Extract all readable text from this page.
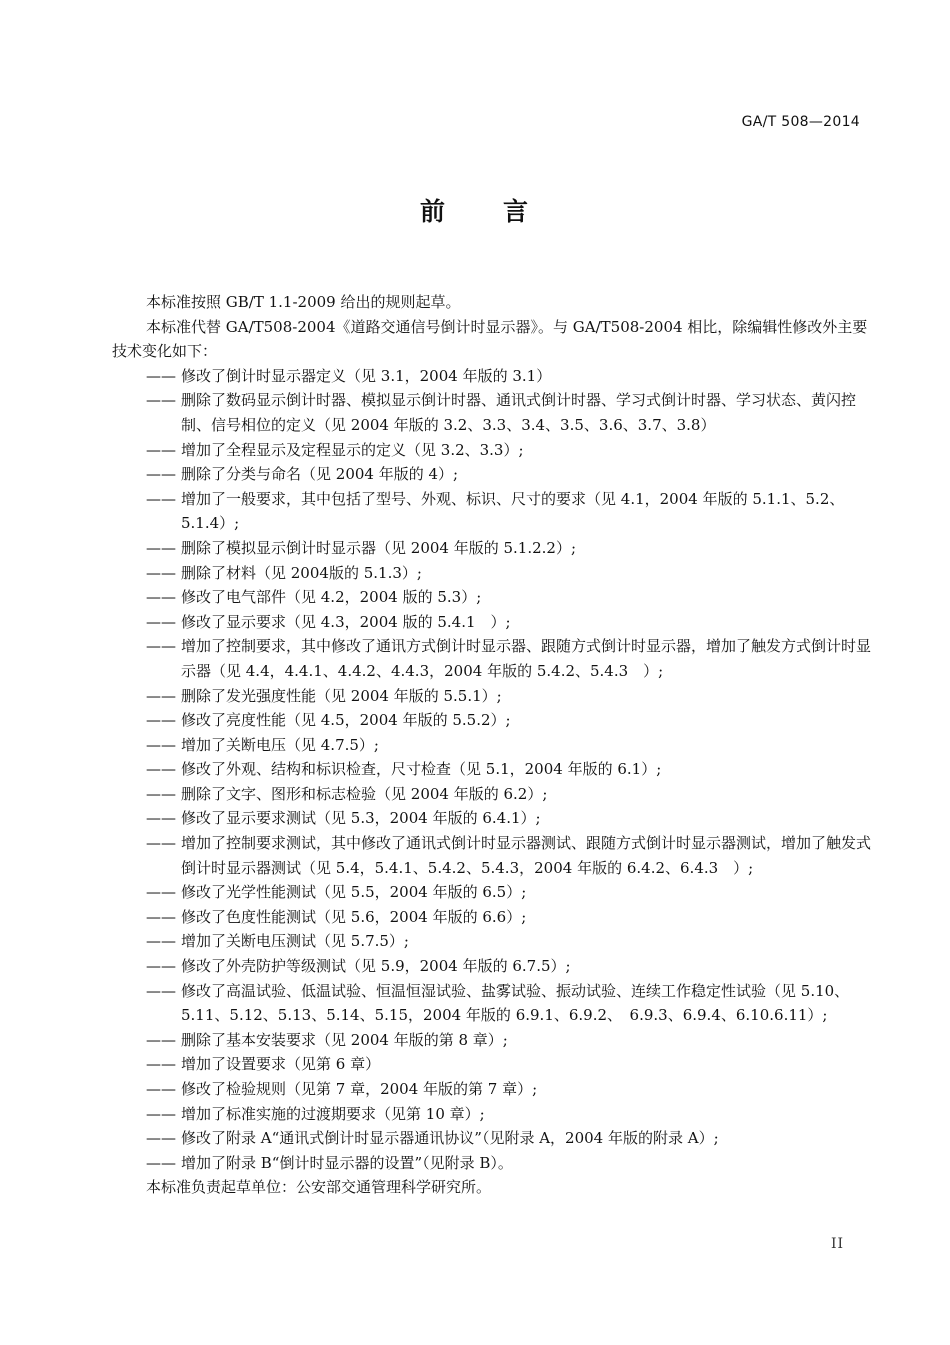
GA/T 508—2014
前 言
本标准按照 GB/T 1.1-2009 给出的规则起草。
本标准代替 GA/T508-2004《道路交通信号倒计时显示器》。与 GA/T508-2004 相比，除编辑性修改外主要技术变化如下：
—— 修改了倒计时显示器定义（见 3.1，2004 年版的 3.1）
—— 删除了数码显示倒计时器、模拟显示倒计时器、通讯式倒计时器、学习式倒计时器、学习状态、黄闪控制、信号相位的定义（见 2004 年版的 3.2、3.3、3.4、3.5、3.6、3.7、3.8）
—— 增加了全程显示及定程显示的定义（见 3.2、3.3）;
—— 删除了分类与命名（见 2004 年版的 4）;
—— 增加了一般要求，其中包括了型号、外观、标识、尺寸的要求（见 4.1，2004 年版的 5.1.1、5.2、5.1.4）;
—— 删除了模拟显示倒计时显示器（见 2004 年版的 5.1.2.2）;
—— 删除了材料（见 2004版的 5.1.3）;
—— 修改了电气部件（见 4.2，2004 版的 5.3）;
—— 修改了显示要求（见 4.3，2004 版的 5.4.1　）;
—— 增加了控制要求，其中修改了通讯方式倒计时显示器、跟随方式倒计时显示器，增加了触发方式倒计时显示器（见 4.4，4.4.1、4.4.2、4.4.3，2004 年版的 5.4.2、5.4.3　）;
—— 删除了发光强度性能（见 2004 年版的 5.5.1）;
—— 修改了亮度性能（见 4.5，2004 年版的 5.5.2）;
—— 增加了关断电压（见 4.7.5）;
—— 修改了外观、结构和标识检查，尺寸检查（见 5.1，2004 年版的 6.1）;
—— 删除了文字、图形和标志检验（见 2004 年版的 6.2）;
—— 修改了显示要求测试（见 5.3，2004 年版的 6.4.1）;
—— 增加了控制要求测试，其中修改了通讯式倒计时显示器测试、跟随方式倒计时显示器测试，增加了触发式倒计时显示器测试（见 5.4，5.4.1、5.4.2、5.4.3，2004 年版的 6.4.2、6.4.3　）;
—— 修改了光学性能测试（见 5.5，2004 年版的 6.5）;
—— 修改了色度性能测试（见 5.6，2004 年版的 6.6）;
—— 增加了关断电压测试（见 5.7.5）;
—— 修改了外壳防护等级测试（见 5.9，2004 年版的 6.7.5）;
—— 修改了高温试验、低温试验、恒温恒湿试验、盐雾试验、振动试验、连续工作稳定性试验（见 5.10、5.11、5.12、5.13、5.14、5.15，2004 年版的 6.9.1、6.9.2、　6.9.3、6.9.4、6.10.6.11）;
—— 删除了基本安装要求（见 2004 年版的第 8 章）;
—— 增加了设置要求（见第 6 章）
—— 修改了检验规则（见第 7 章，2004 年版的第 7 章）;
—— 增加了标准实施的过渡期要求（见第 10 章）;
—— 修改了附录 A“通讯式倒计时显示器通讯协议”（见附录 A，2004 年版的附录 A）;
—— 增加了附录 B“倒计时显示器的设置”（见附录 B）。
本标准负责起草单位：公安部交通管理科学研究所。
II
